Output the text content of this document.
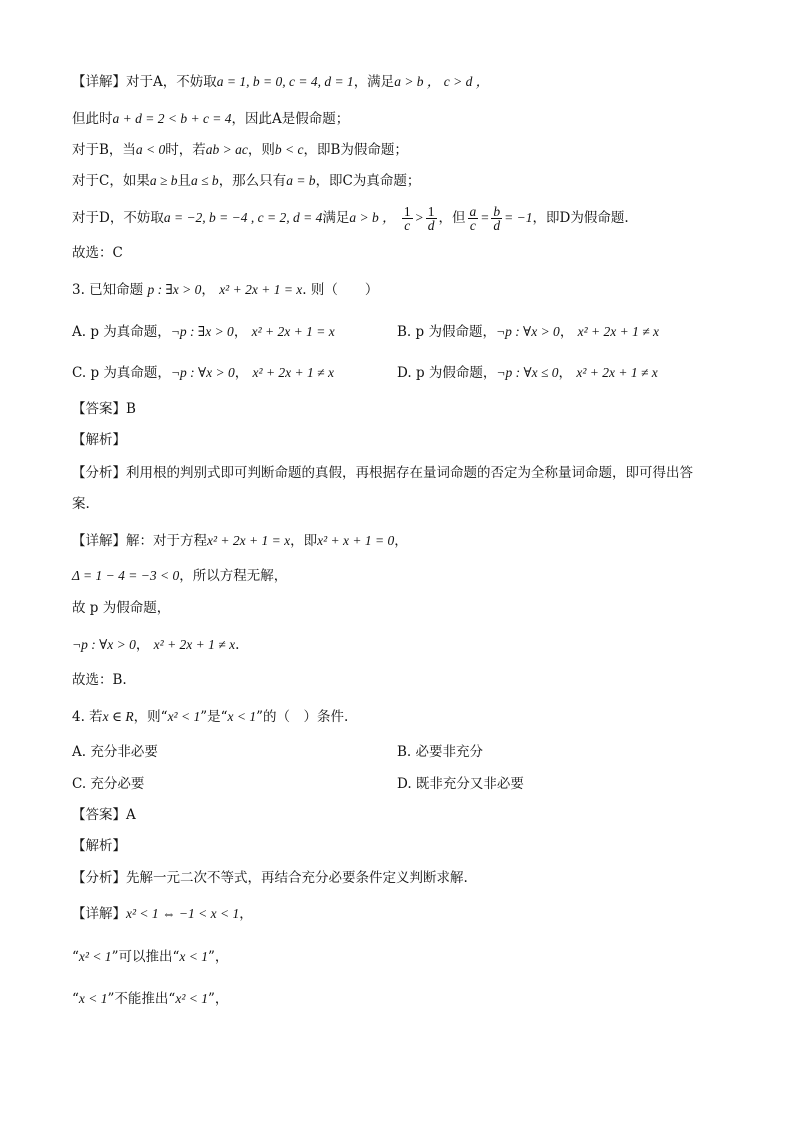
【详解】对于A，不妨取a = 1, b = 0, c = 4, d = 1，满足a > b ， c > d ，
但此时a + d = 2 < b + c = 4，因此A是假命题；
对于B，当a < 0时，若ab > ac，则b < c，即B为假命题；
对于C，如果a ≥ b且a ≤ b，那么只有a = b，即C为真命题；
对于D，不妨取a = −2, b = −4 , c = 2, d = 4满足a > b ， $\frac{1}{c} > \frac{1}{d}$ ，但 $\frac{a}{c} = \frac{b}{d} = -1$，即D为假命题.
故选：C
3. 已知命题 p : ∃x > 0， x² + 2x + 1 = x. 则（　　）
A. p 为真命题，¬p : ∃x > 0， x² + 2x + 1 = x	B. p 为假命题，¬p : ∀x > 0， x² + 2x + 1 ≠ x
C. p 为真命题，¬p : ∀x > 0， x² + 2x + 1 ≠ x	D. p 为假命题，¬p : ∀x ≤ 0， x² + 2x + 1 ≠ x
【答案】B
【解析】
【分析】利用根的判别式即可判断命题的真假，再根据存在量词命题的否定为全称量词命题，即可得出答
案.
【详解】解：对于方程x² + 2x + 1 = x，即x² + x + 1 = 0，
Δ = 1 − 4 = −3 < 0，所以方程无解，
故 p 为假命题，
¬p : ∀x > 0， x² + 2x + 1 ≠ x.
故选：B.
4. 若x ∈ R，则“x² < 1”是“x < 1”的（　）条件.
A. 充分非必要	B. 必要非充分
C. 充分必要	D. 既非充分又非必要
【答案】A
【解析】
【分析】先解一元二次不等式，再结合充分必要条件定义判断求解.
【详解】x² < 1 ⇔ −1 < x < 1，
“x² < 1”可以推出“x < 1”，
“x < 1”不能推出“x² < 1”，
